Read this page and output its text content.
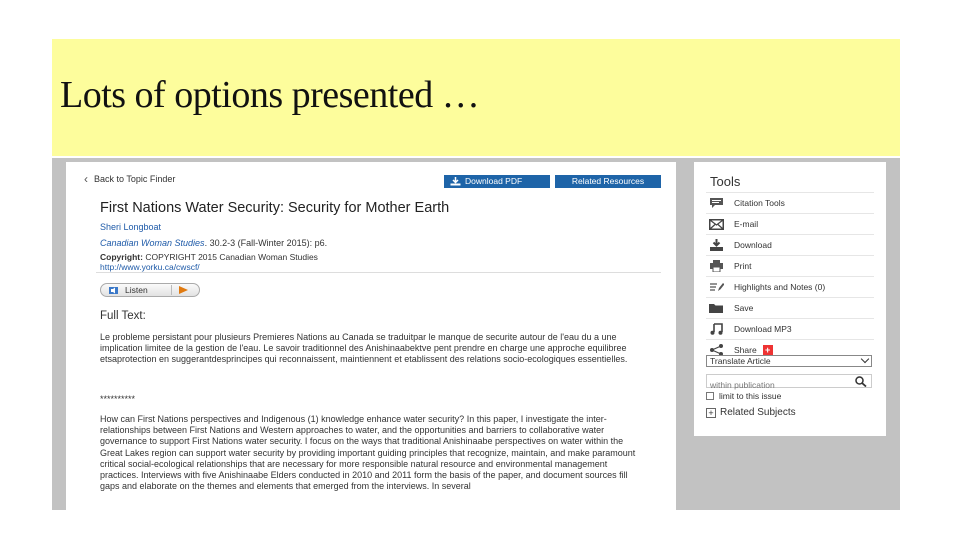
Lots of options presented …
‹ Back to Topic Finder	Download PDF	Related Resources
First Nations Water Security: Security for Mother Earth
Sheri Longboat
Canadian Woman Studies. 30.2-3 (Fall-Winter 2015): p6.
Copyright: COPYRIGHT 2015 Canadian Woman Studies
http://www.yorku.ca/cwscf/
Listen
Full Text:

Le probleme persistant pour plusieurs Premieres Nations au Canada se traduitpar le manque de securite autour de l'eau du a une implication limitee de la gestion de l'eau. Le savoir traditionnel des Anishinaabektve pent prendre en charge une approche equilibree etsaprotection en suggerantdesprincipes qui reconnaissent, maintiennent et etablissent des relations socio-ecologiques essentielles.

**********

How can First Nations perspectives and Indigenous (1) knowledge enhance water security? In this paper, I investigate the inter-relationships between First Nations and Western approaches to water, and the opportunities and barriers to collaborative water governance to support First Nations water security. I focus on the ways that traditional Anishinaabe perspectives on water within the Great Lakes region can support water security by providing important guiding principles that recognize, maintain, and make paramount critical social-ecological relationships that are necessary for more responsible natural resource and environmental management practices. Interviews with five Anishinaabe Elders conducted in 2010 and 2011 form the basis of the paper, and document sources fill gaps and elaborate on the themes and elements that emerged from the interviews. In several

Tools
Citation Tools
E-mail
Download
Print
Highlights and Notes (0)
Save
Download MP3
Share +
Translate Article
within publication
limit to this issue
+ Related Subjects
